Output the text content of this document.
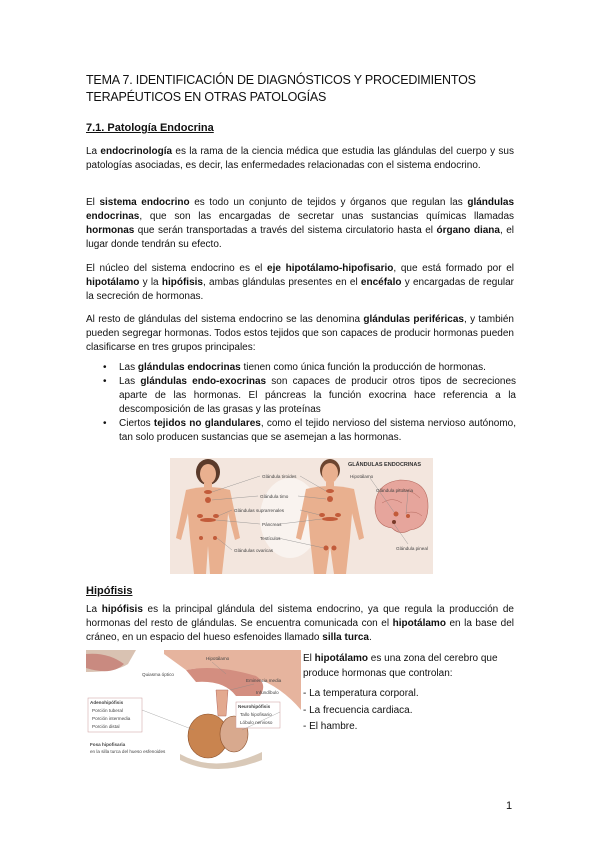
TEMA 7. IDENTIFICACIÓN DE DIAGNÓSTICOS Y PROCEDIMIENTOS TERAPÉUTICOS EN OTRAS PATOLOGÍAS
7.1. Patología Endocrina

La endocrinología es la rama de la ciencia médica que estudia las glándulas del cuerpo y sus patologías asociadas, es decir, las enfermedades relacionadas con el sistema endocrino.

El sistema endocrino es todo un conjunto de tejidos y órganos que regulan las glándulas endocrinas, que son las encargadas de secretar unas sustancias químicas llamadas hormonas que serán transportadas a través del sistema circulatorio hasta el órgano diana, el lugar donde tendrán su efecto.

El núcleo del sistema endocrino es el eje hipotálamo-hipofisario, que está formado por el hipotálamo y la hipófisis, ambas glándulas presentes en el encéfalo y encargadas de regular la secreción de hormonas.

Al resto de glándulas del sistema endocrino se las denomina glándulas periféricas, y también pueden segregar hormonas. Todos estos tejidos que son capaces de producir hormonas pueden clasificarse en tres grupos principales:

• Las glándulas endocrinas tienen como única función la producción de hormonas.
• Las glándulas endo-exocrinas son capaces de producir otros tipos de secreciones aparte de las hormonas. El páncreas la función exocrina hace referencia a la descomposición de las grasas y las proteínas
• Ciertos tejidos no glandulares, como el tejido nervioso del sistema nervioso autónomo, tan solo producen sustancias que se asemejan a las hormonas.
Glándula tiroides
Glándula timo
Glándulas suprarrenales
Páncreas
Testículos
Glándulas ovaricas
GLÁNDULAS ENDOCRINAS
Hipotálamo
Glándula pituitaria
Glándula pineal
Hipófisis

La hipófisis es la principal glándula del sistema endocrino, ya que regula la producción de hormonas del resto de glándulas. Se encuentra comunicada con el hipotálamo en la base del cráneo, en un espacio del hueso esfenoides llamado silla turca.

Hipotálamo
Quiasma óptico
Eminencia media
Infundíbulo
Adenohipófisis
Porción tuberal
Porción intermedia
Porción distal
Neurohipófisis
Tallo hipofisario
Lóbulo nervioso
Fosa hipofisaria
en la silla turca del hueso esfenoides

El hipotálamo es una zona del cerebro que produce hormonas que controlan:

- La temperatura corporal.
- La frecuencia cardiaca.
- El hambre.
1
